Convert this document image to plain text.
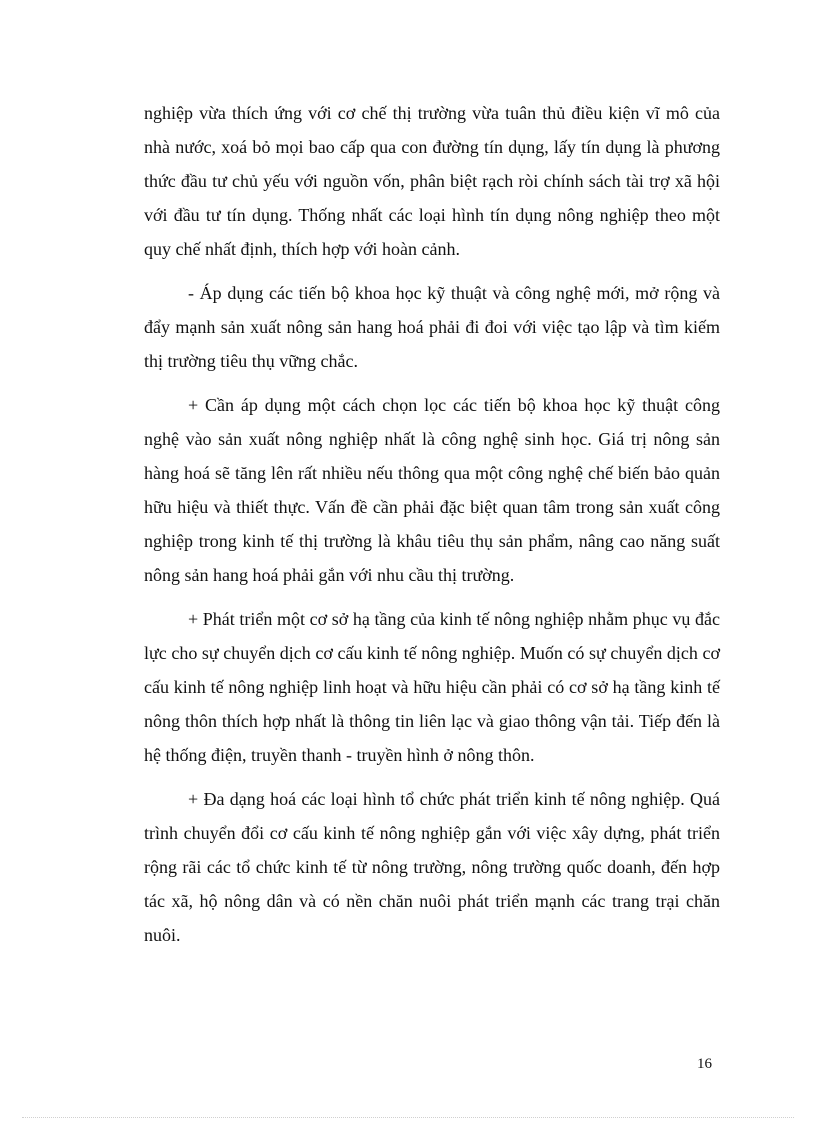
nghiệp vừa thích ứng với cơ chế thị trường vừa tuân thủ điều kiện vĩ mô của nhà nước, xoá bỏ mọi bao cấp qua con đường tín dụng, lấy tín dụng là phương thức đầu tư chủ yếu với nguồn vốn, phân biệt rạch ròi chính sách tài trợ xã hội với đầu tư tín dụng. Thống nhất các loại hình tín dụng nông nghiệp theo một quy chế nhất định, thích hợp với hoàn cảnh.

- Áp dụng các tiến bộ khoa học kỹ thuật và công nghệ mới, mở rộng và đẩy mạnh sản xuất nông sản hang hoá phải đi đoi với việc tạo lập và tìm kiếm thị trường tiêu thụ vững chắc.

+ Cần áp dụng một cách chọn lọc các tiến bộ khoa học kỹ thuật công nghệ vào sản xuất nông nghiệp nhất là công nghệ sinh học. Giá trị nông sản hàng hoá sẽ tăng lên rất nhiều nếu thông qua một công nghệ chế biến bảo quản hữu hiệu và thiết thực. Vấn đề cần phải đặc biệt quan tâm trong sản xuất công nghiệp trong kinh tế thị trường là khâu tiêu thụ sản phẩm, nâng cao năng suất nông sản hang hoá phải gắn với nhu cầu thị trường.

+ Phát triển một cơ sở hạ tầng của kinh tế nông nghiệp nhằm phục vụ đắc lực cho sự chuyển dịch cơ cấu kinh tế nông nghiệp. Muốn có sự chuyển dịch cơ cấu kinh tế nông nghiệp linh hoạt và hữu hiệu cần phải có cơ sở hạ tầng kinh tế nông thôn thích hợp nhất là thông tin liên lạc và giao thông vận tải. Tiếp đến là hệ thống điện, truyền thanh - truyền hình ở nông thôn.

+ Đa dạng hoá các loại hình tổ chức phát triển kinh tế nông nghiệp. Quá trình chuyển đổi cơ cấu kinh tế nông nghiệp gắn với việc xây dựng, phát triển rộng rãi các tổ chức kinh tế từ nông trường, nông trường quốc doanh, đến hợp tác xã, hộ nông dân và có nền chăn nuôi phát triển mạnh các trang trại chăn nuôi.

16
